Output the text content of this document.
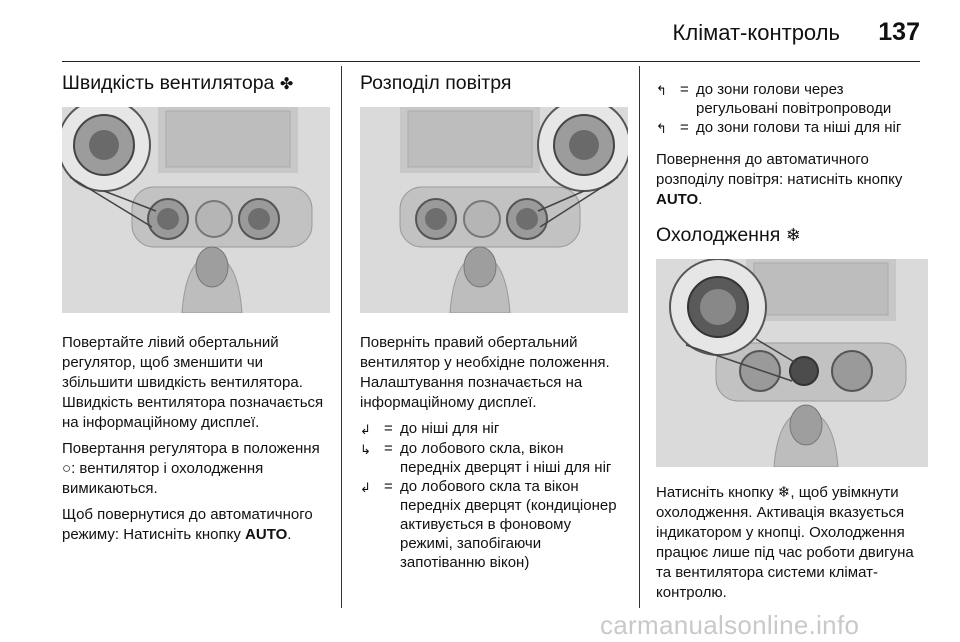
Клімат-контроль 137
Швидкість вентилятора ✤

Повертайте лівий обертальний регулятор, щоб зменшити чи збільшити швидкість вентилятора. Швидкість вентилятора позначається на інформаційному дисплеї.

Повертання регулятора в положення ○: вентилятор і охолодження вимикаються.

Щоб повернутися до автоматичного режиму: Натисніть кнопку AUTO.

Розподіл повітря

Поверніть правий обертальний вентилятор у необхідне положення. Налаштування позначається на інформаційному дисплеї.

↲ = до ніші для ніг
↳ = до лобового скла, вікон передніх дверцят і ніші для ніг
↲ = до лобового скла та вікон передніх дверцят (кондиціонер активується в фоновому режимі, запобігаючи запотіванню вікон)
↰ = до зони голови через регульовані повітропроводи
↰ = до зони голови та ніші для ніг

Повернення до автоматичного розподілу повітря: натисніть кнопку AUTO.

Охолодження ❄

Натисніть кнопку ❄, щоб увімкнути охолодження. Активація вказується індикатором у кнопці. Охолодження працює лише під час роботи двигуна та вентилятора системи клімат-контролю.

carmanualsonline.info
